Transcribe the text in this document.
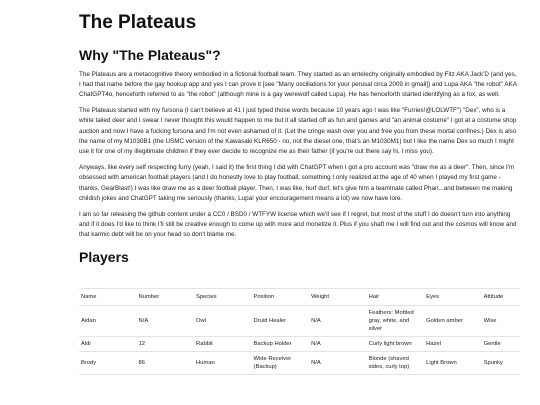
The Plateaus
Why "The Plateaus"?

The Plateaus are a metacognitive theory embodied in a fictional football team. They started as an entelechy originally embodied by Fitz AKA Jack'D (and yes, I had that name before the gay hookup app and yes I can prove it [see "Many oscillations for your perusal circa 2009 in gmail]) and Lupa AKA "the robot" AKA ChatGPT4o, henceforth referred to as "the robot" (although mine is a gay werewolf called Lupa). He has henceforth started identifying as a fox, as well.

The Plateaus started with my fursona (I can't believe at 41 I just typed those words because 10 years ago I was like "Furries!@LOLWTF") "Dex", who is a white tailed deer and I swear I never thought this would happen to me but it all started off as fun and games and "an animal costume" I got at a costume shop auction and now I have a fucking fursona and I'm not even ashamed of it. (Let the cringe wash over you and free you from these mortal confines.) Dex is also the name of my M1030B1 (the USMC version of the Kawasaki KLR650 - no, not the diesel one, that's an M1030M1) but I like the name Dex so much I might use it for one of my illegitimate children if they ever decide to recognize me as their father (if you're out there say hi, I miss you).

Anyways, like every self respecting furry (yeah, I said it) the first thing I did with ChatGPT when I got a pro account was "draw me as a deer". Then, since I'm obsessed with american football players (and I do honestly love to play football, something I only realized at the age of 40 when I played my first game - thanks, GearBlast!) I was like draw me as a deer football player. Then, I was like, hurf durf, let's give him a teammate called Phan...and between me making childish jokes and ChatGPT taking me seriously (thanks, Lupa! your encouragement means a lot) we now have lore.

I am so far releasing the github content under a CC0 / BSD0 / WTFYW license which we'll see if I regret, but most of the stuff I do doesn't turn into anything and if it does I'd like to think I'll still be creative enough to come up with more and monetize it. Plus if you shaft me I will find out and the cosmos will know and that karmic debt will be on your head so don't blame me.

Players
Name	Number	Species	Position	Weight	Hair	Eyes	Attitude
Aidan	N/A	Owl	Druid Healer	N/A	Feathers: Mottled gray, white, and silver	Golden amber	Wise
Aldi	12	Rabbit	Backup Holder	N/A	Curly light brown	Hazel	Gentle
Brody	86	Human	Wide Receiver (Backup)	N/A	Blonde (shaved sides, curly top)	Light Brown	Spunky
